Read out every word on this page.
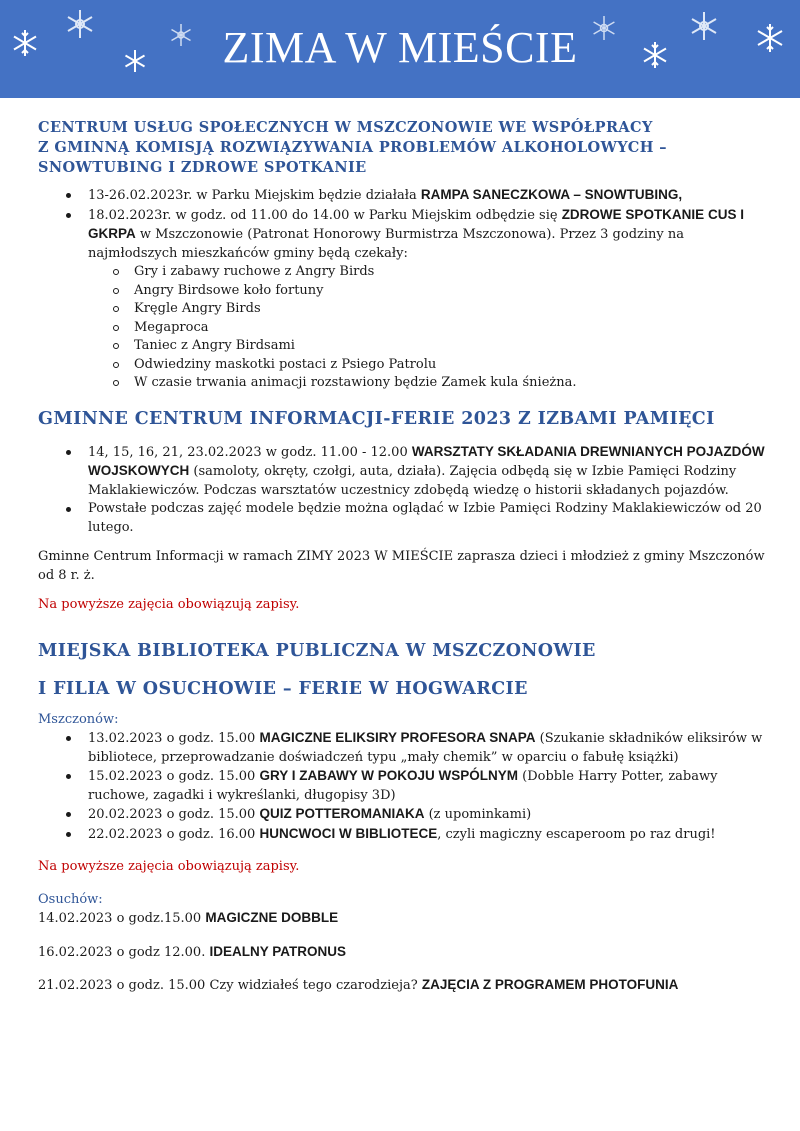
ZIMA W MIEŚCIE
CENTRUM USŁUG SPOŁECZNYCH W MSZCZONOWIE WE WSPÓŁPRACY
Z GMINNĄ KOMISJĄ ROZWIĄZYWANIA PROBLEMÓW ALKOHOLOWYCH –
SNOWTUBING I ZDROWE SPOTKANIE
13-26.02.2023r. w Parku Miejskim będzie działała RAMPA SANECZKOWA – SNOWTUBING,
18.02.2023r. w godz. od 11.00 do 14.00 w Parku Miejskim odbędzie się ZDROWE SPOTKANIE CUS I GKRPA w Mszczonowie (Patronat Honorowy Burmistrza Mszczonowa). Przez 3 godziny na najmłodszych mieszkańców gminy będą czekały:
Gry i zabawy ruchowe z Angry Birds
Angry Birdsowe koło fortuny
Kręgle Angry Birds
Megaproca
Taniec z Angry Birdsami
Odwiedziny maskotki postaci z Psiego Patrolu
W czasie trwania animacji rozstawiony będzie Zamek kula śnieżna.
GMINNE CENTRUM INFORMACJI-FERIE 2023 Z IZBAMI PAMIĘCI
14, 15, 16, 21, 23.02.2023 w godz. 11.00 - 12.00 WARSZTATY SKŁADANIA DREWNIANYCH POJAZDÓW WOJSKOWYCH (samoloty, okręty, czołgi, auta, działa). Zajęcia odbędą się w Izbie Pamięci Rodziny Maklakiewiczów. Podczas warsztatów uczestnicy zdobędą wiedzę o historii składanych pojazdów.
Powstałe podczas zajęć modele będzie można oglądać w Izbie Pamięci Rodziny Maklakiewiczów od 20 lutego.

Gminne Centrum Informacji w ramach ZIMY 2023 W MIEŚCIE zaprasza dzieci i młodzież z gminy Mszczonów od 8 r. ż.

Na powyższe zajęcia obowiązują zapisy.

MIEJSKA BIBLIOTEKA PUBLICZNA W MSZCZONOWIE
I FILIA W OSUCHOWIE – FERIE W HOGWARCIE

Mszczonów:

13.02.2023 o godz. 15.00 MAGICZNE ELIKSIRY PROFESORA SNAPA (Szukanie składników eliksirów w bibliotece, przeprowadzanie doświadczeń typu „mały chemik” w oparciu o fabułę książki)
15.02.2023 o godz. 15.00 GRY I ZABAWY W POKOJU WSPÓLNYM (Dobble Harry Potter, zabawy ruchowe, zagadki i wykreślanki, długopisy 3D)
20.02.2023 o godz. 15.00 QUIZ POTTEROMANIAKA (z upominkami)
22.02.2023 o godz. 16.00 HUNCWOCI W BIBLIOTECE, czyli magiczny escaperoom po raz drugi!

Na powyższe zajęcia obowiązują zapisy.

Osuchów:

14.02.2023 o godz.15.00 MAGICZNE DOBBLE

16.02.2023 o godz 12.00. IDEALNY PATRONUS

21.02.2023 o godz. 15.00 Czy widziałeś tego czarodzieja? ZAJĘCIA Z PROGRAMEM PHOTOFUNIA
